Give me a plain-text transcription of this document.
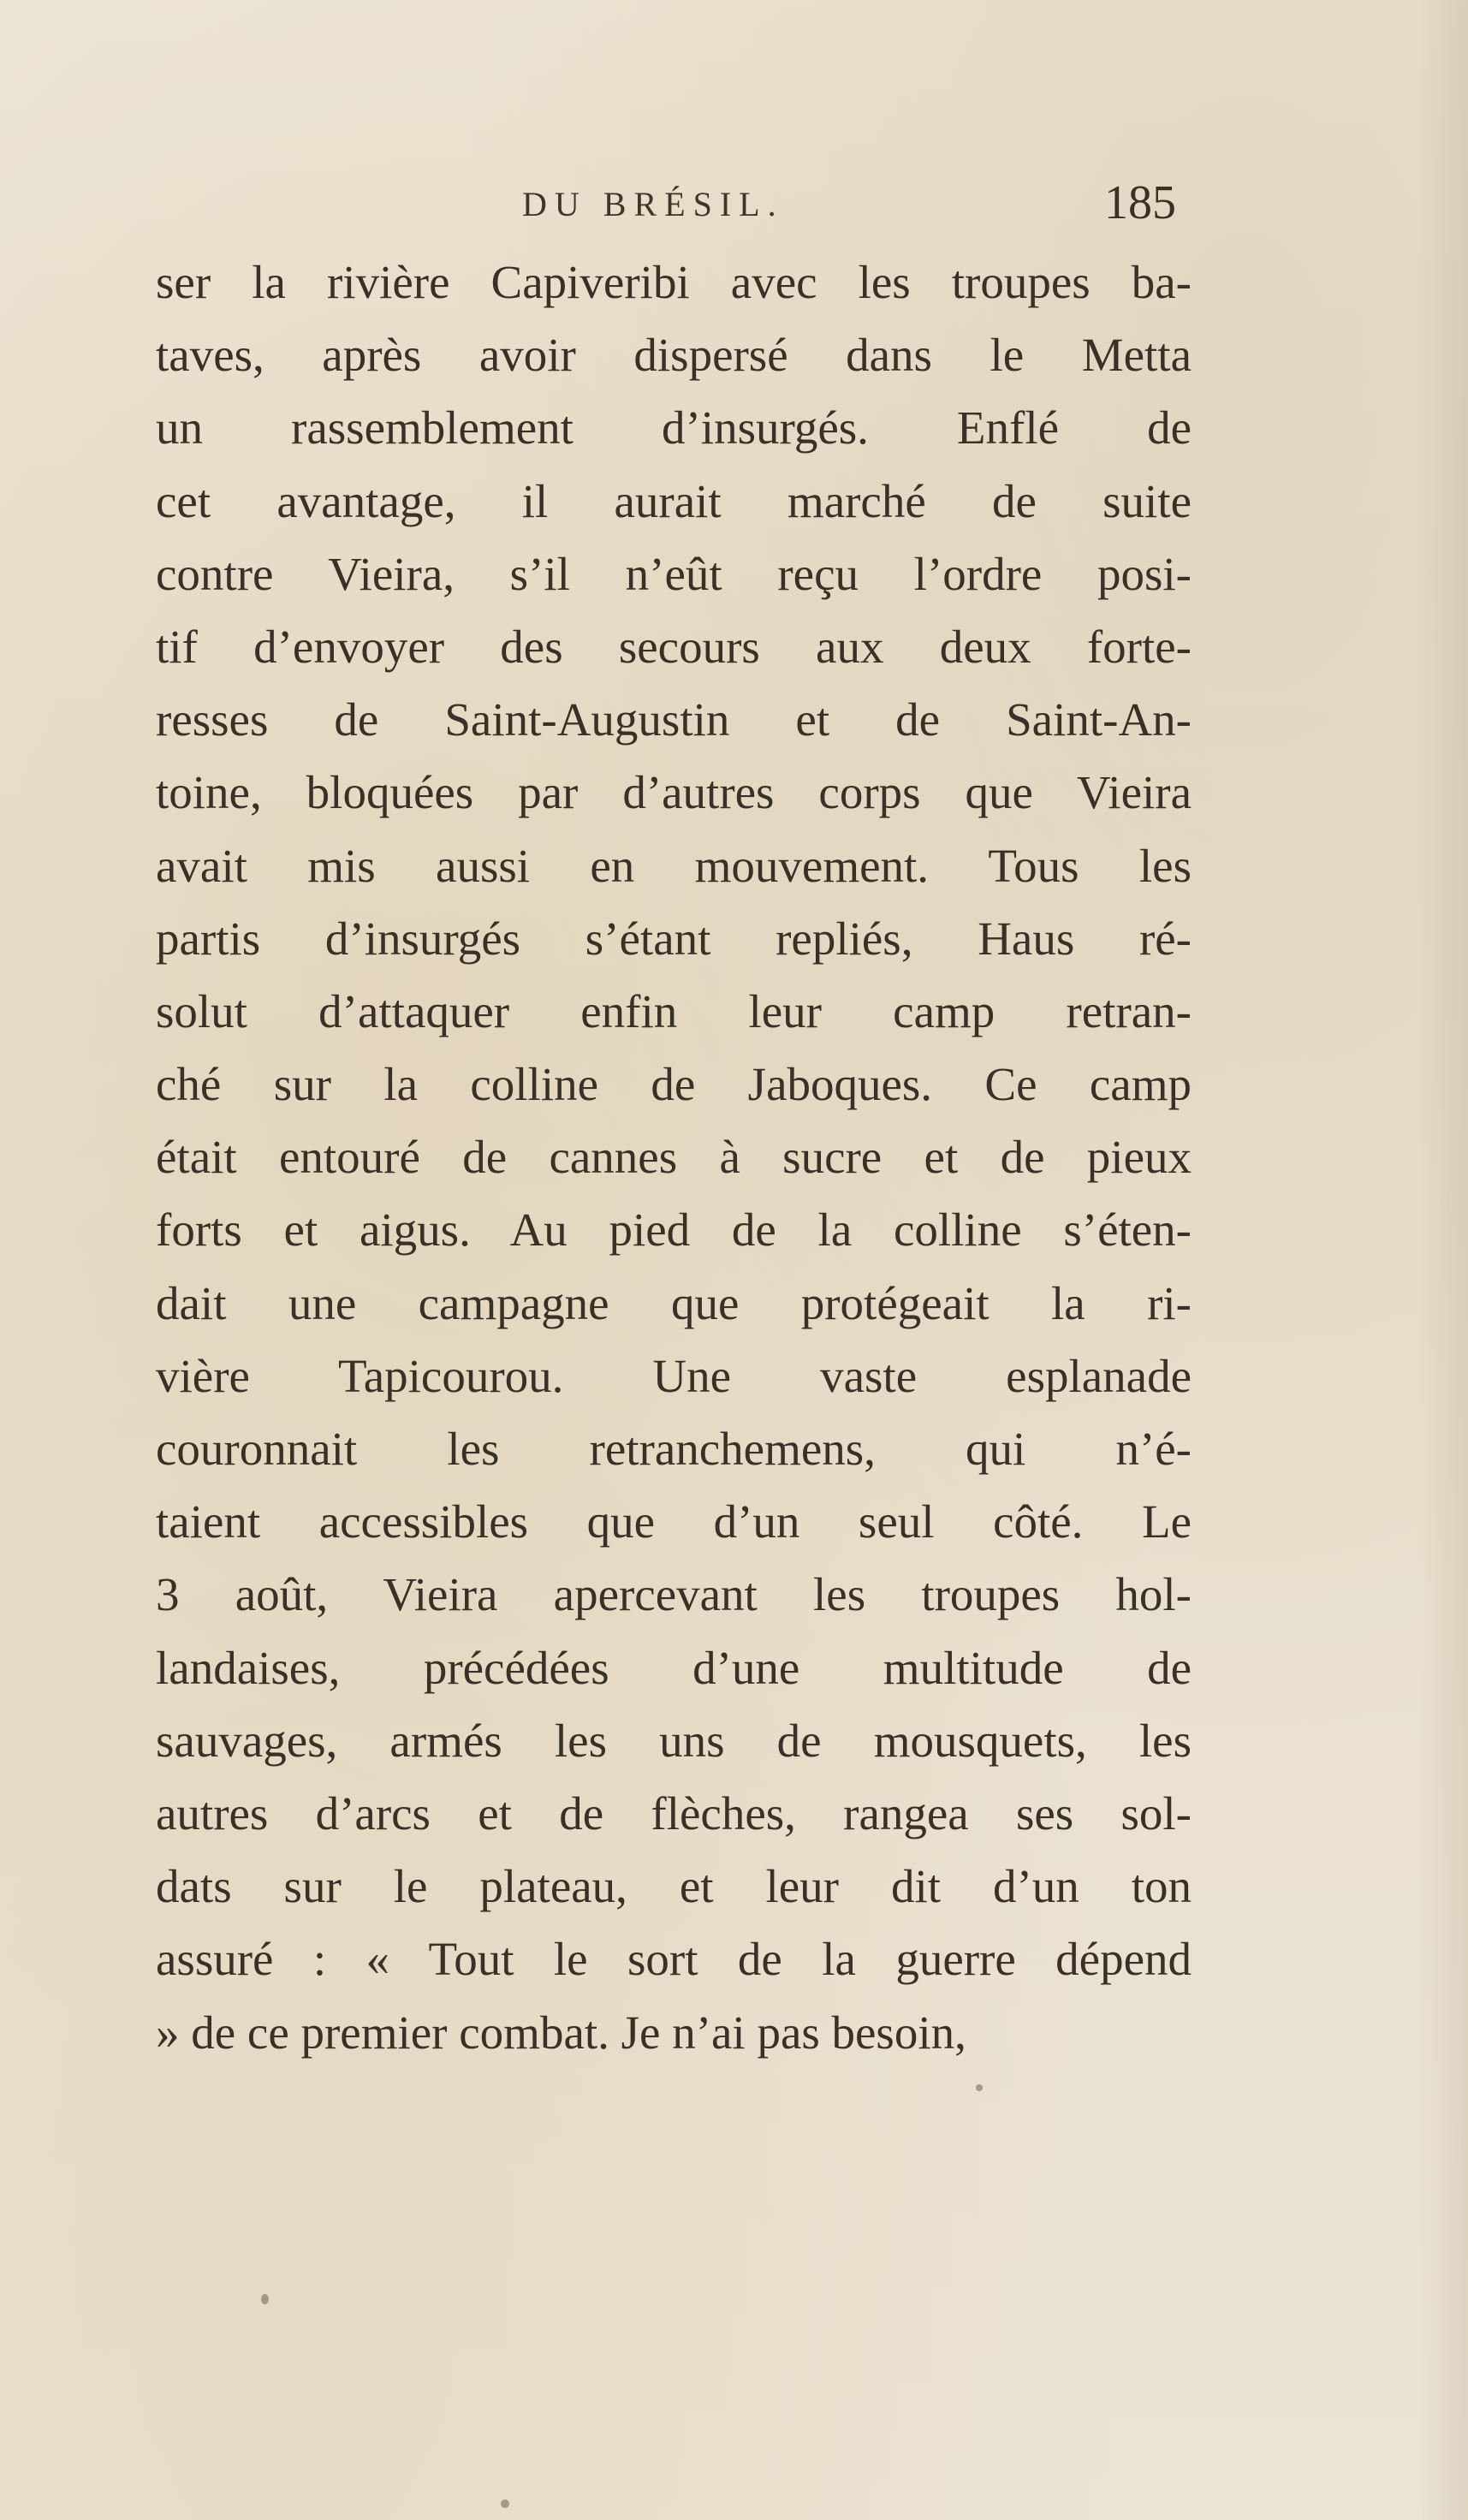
DU BRÉSIL.	185
ser la rivière Capiveribi avec les troupes ba-
taves, après avoir dispersé dans le Metta
un rassemblement d’insurgés. Enflé de
cet avantage, il aurait marché de suite
contre Vieira, s’il n’eût reçu l’ordre posi-
tif d’envoyer des secours aux deux forte-
resses de Saint-Augustin et de Saint-An-
toine, bloquées par d’autres corps que Vieira
avait mis aussi en mouvement. Tous les
partis d’insurgés s’étant repliés, Haus ré-
solut d’attaquer enfin leur camp retran-
ché sur la colline de Jaboques. Ce camp
était entouré de cannes à sucre et de pieux
forts et aigus. Au pied de la colline s’éten-
dait une campagne que protégeait la ri-
vière Tapicourou. Une vaste esplanade
couronnait les retranchemens, qui n’é-
taient accessibles que d’un seul côté. Le
3 août, Vieira apercevant les troupes hol-
landaises, précédées d’une multitude de
sauvages, armés les uns de mousquets, les
autres d’arcs et de flèches, rangea ses sol-
dats sur le plateau, et leur dit d’un ton
assuré : « Tout le sort de la guerre dépend
» de ce premier combat. Je n’ai pas besoin,
